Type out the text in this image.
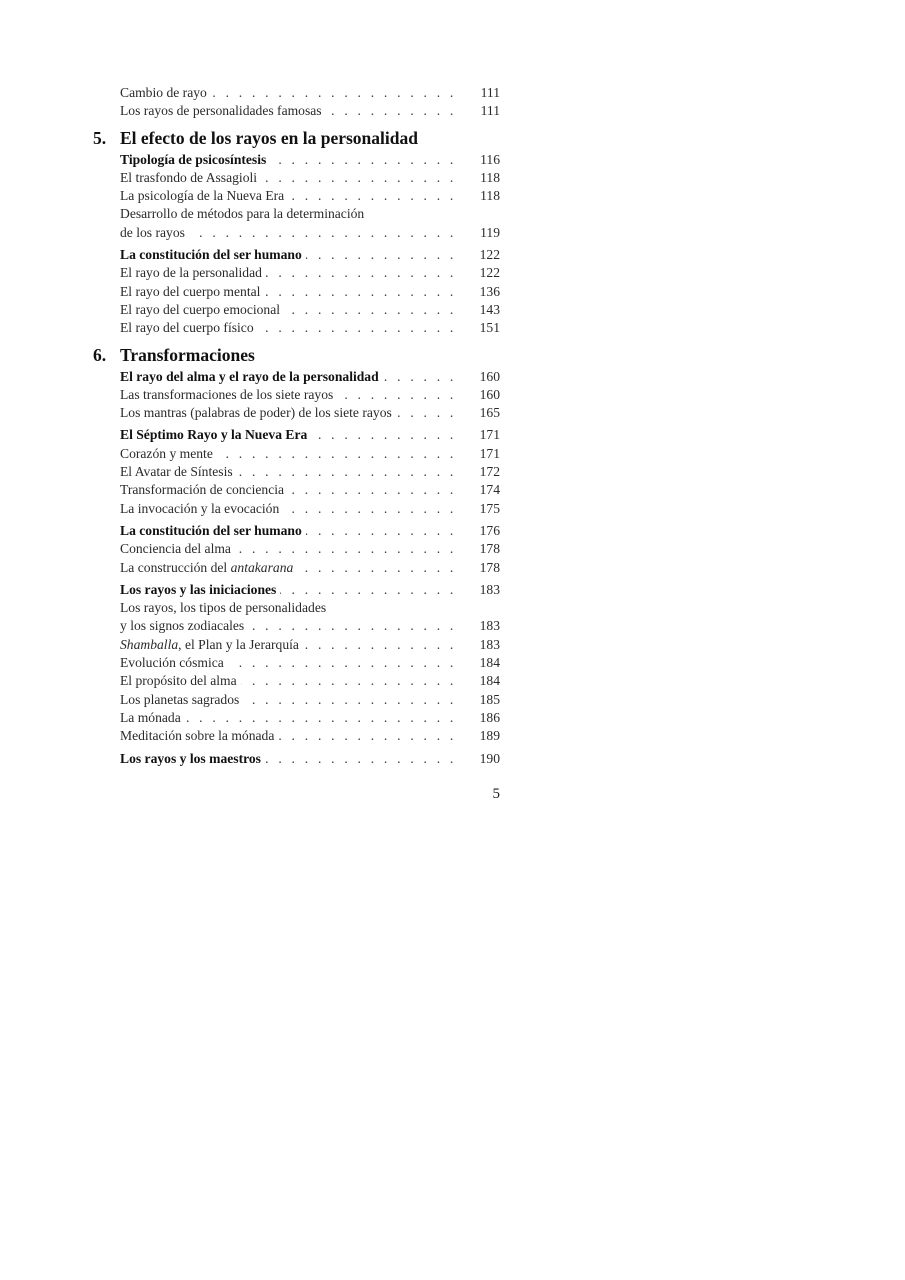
. . .
Cambio de rayo	111
. . .
Los rayos de personalidades famosas	111
5. El efecto de los rayos en la personalidad
. . .
Tipología de psicosíntesis	116
. . .
El trasfondo de Assagioli	118
. . .
La psicología de la Nueva Era	118
Desarrollo de métodos para la determinación
. . .
de los rayos	119
. . .
La constitución del ser humano	122
. . .
El rayo de la personalidad	122
. . .
El rayo del cuerpo mental	136
. . .
El rayo del cuerpo emocional	143
. . .
El rayo del cuerpo físico	151
6. Transformaciones
. . .
El rayo del alma y el rayo de la personalidad	160
. . .
Las transformaciones de los siete rayos	160
. . .
Los mantras (palabras de poder) de los siete rayos	165
. . .
El Séptimo Rayo y la Nueva Era	171
. . .
Corazón y mente	171
. . .
El Avatar de Síntesis	172
. . .
Transformación de conciencia	174
. . .
La invocación y la evocación	175
. . .
La constitución del ser humano	176
. . .
Conciencia del alma	178
. . .
La construcción del antakarana	178
. . .
Los rayos y las iniciaciones	183
Los rayos, los tipos de personalidades
. . .
y los signos zodiacales	183
. . .
Shamballa, el Plan y la Jerarquía	183
. . .
Evolución cósmica	184
. . .
El propósito del alma	184
. . .
Los planetas sagrados	185
. . .
La mónada	186
. . .
Meditación sobre la mónada	189
. . .
Los rayos y los maestros	190
5
